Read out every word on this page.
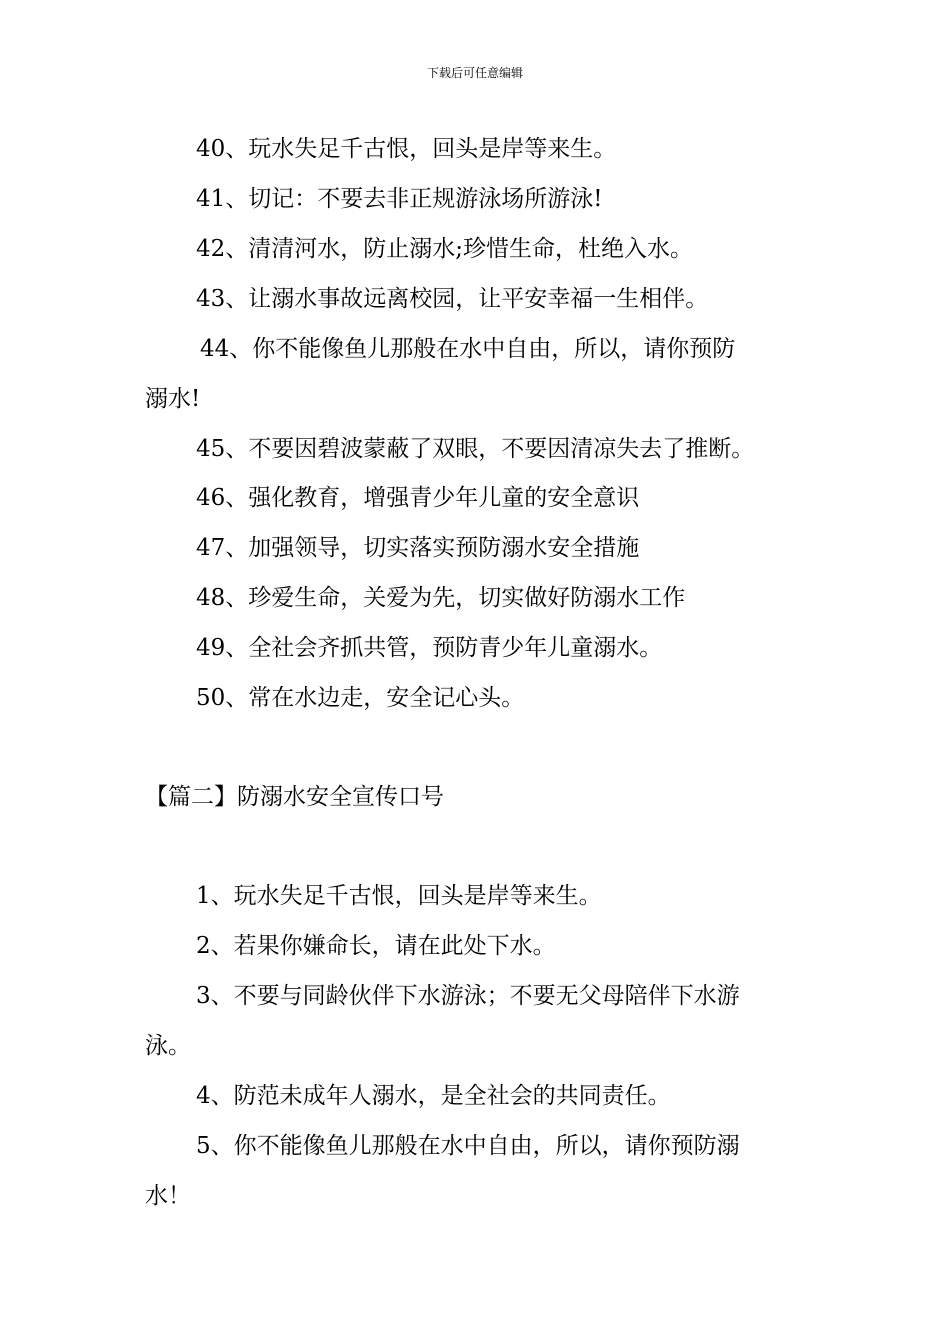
下载后可任意编辑
40、玩水失足千古恨，回头是岸等来生。
41、切记：不要去非正规游泳场所游泳!
42、清清河水，防止溺水;珍惜生命，杜绝入水。
43、让溺水事故远离校园，让平安幸福一生相伴。
44、你不能像鱼儿那般在水中自由，所以，请你预防
溺水!
45、不要因碧波蒙蔽了双眼，不要因清凉失去了推断。
46、强化教育，增强青少年儿童的安全意识
47、加强领导，切实落实预防溺水安全措施
48、珍爱生命，关爱为先，切实做好防溺水工作
49、全社会齐抓共管，预防青少年儿童溺水。
50、常在水边走，安全记心头。
【篇二】防溺水安全宣传口号
1、玩水失足千古恨，回头是岸等来生。
2、若果你嫌命长，请在此处下水。
3、不要与同龄伙伴下水游泳；不要无父母陪伴下水游
泳。
4、防范未成年人溺水，是全社会的共同责任。
5、你不能像鱼儿那般在水中自由，所以，请你预防溺
水！
